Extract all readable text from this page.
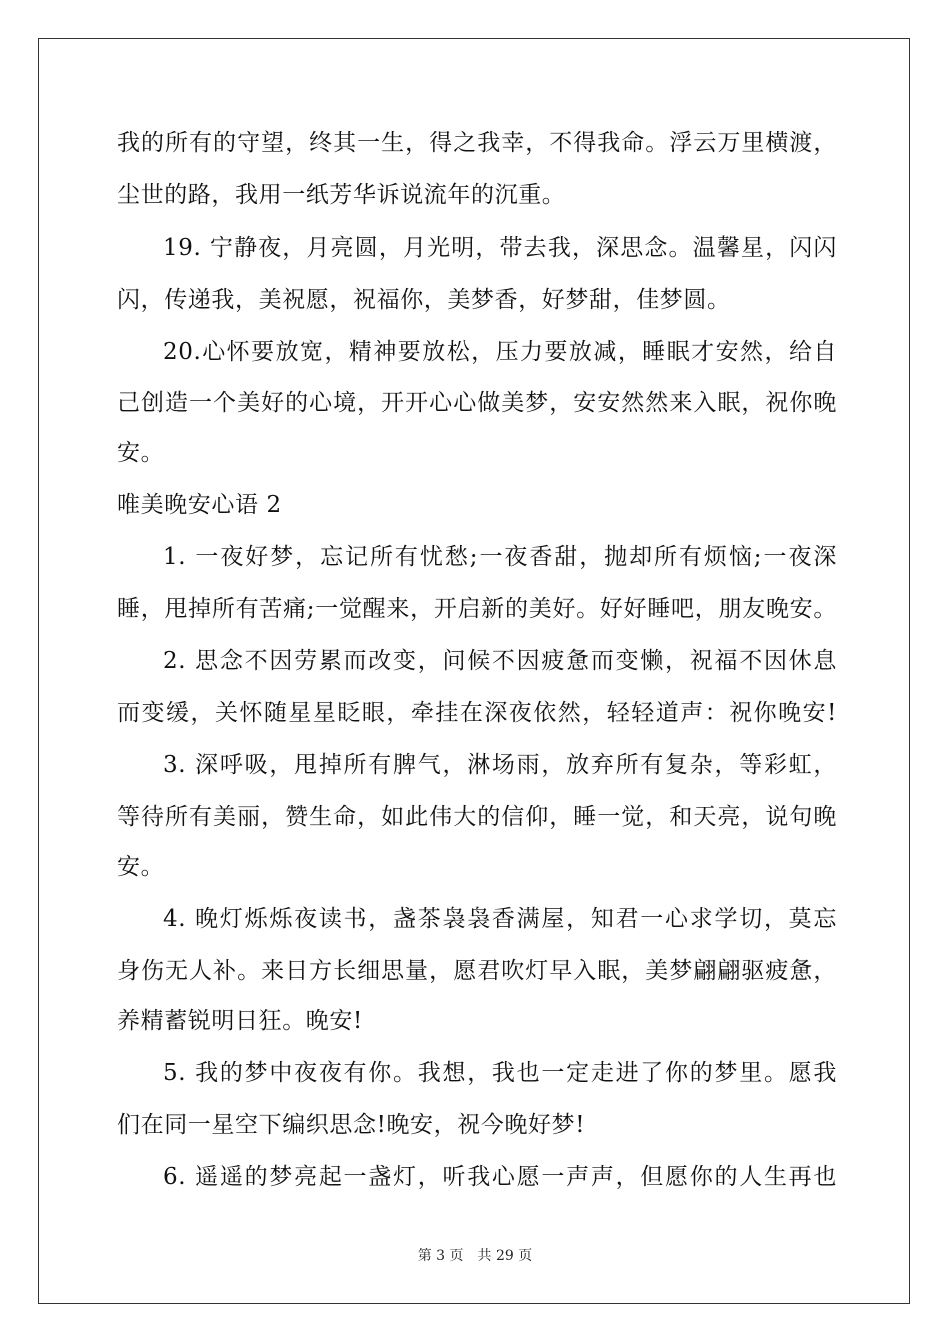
我的所有的守望，终其一生，得之我幸，不得我命。浮云万里横渡，
尘世的路，我用一纸芳华诉说流年的沉重。
19. 宁静夜，月亮圆，月光明，带去我，深思念。温馨星，闪闪
闪，传递我，美祝愿，祝福你，美梦香，好梦甜，佳梦圆。
20.心怀要放宽，精神要放松，压力要放减，睡眠才安然，给自
己创造一个美好的心境，开开心心做美梦，安安然然来入眠，祝你晚
安。
唯美晚安心语 2
1. 一夜好梦，忘记所有忧愁;一夜香甜，抛却所有烦恼;一夜深
睡，甩掉所有苦痛;一觉醒来，开启新的美好。好好睡吧，朋友晚安。
2. 思念不因劳累而改变，问候不因疲惫而变懒，祝福不因休息
而变缓，关怀随星星眨眼，牵挂在深夜依然，轻轻道声：祝你晚安!
3. 深呼吸，甩掉所有脾气，淋场雨，放弃所有复杂，等彩虹，
等待所有美丽，赞生命，如此伟大的信仰，睡一觉，和天亮，说句晚
安。
4. 晚灯烁烁夜读书，盏茶袅袅香满屋，知君一心求学切，莫忘
身伤无人补。来日方长细思量，愿君吹灯早入眠，美梦翩翩驱疲惫，
养精蓄锐明日狂。晚安!
5. 我的梦中夜夜有你。我想，我也一定走进了你的梦里。愿我
们在同一星空下编织思念!晚安，祝今晚好梦!
6. 遥遥的梦亮起一盏灯，听我心愿一声声，但愿你的人生再也
第 3 页 共 29 页
